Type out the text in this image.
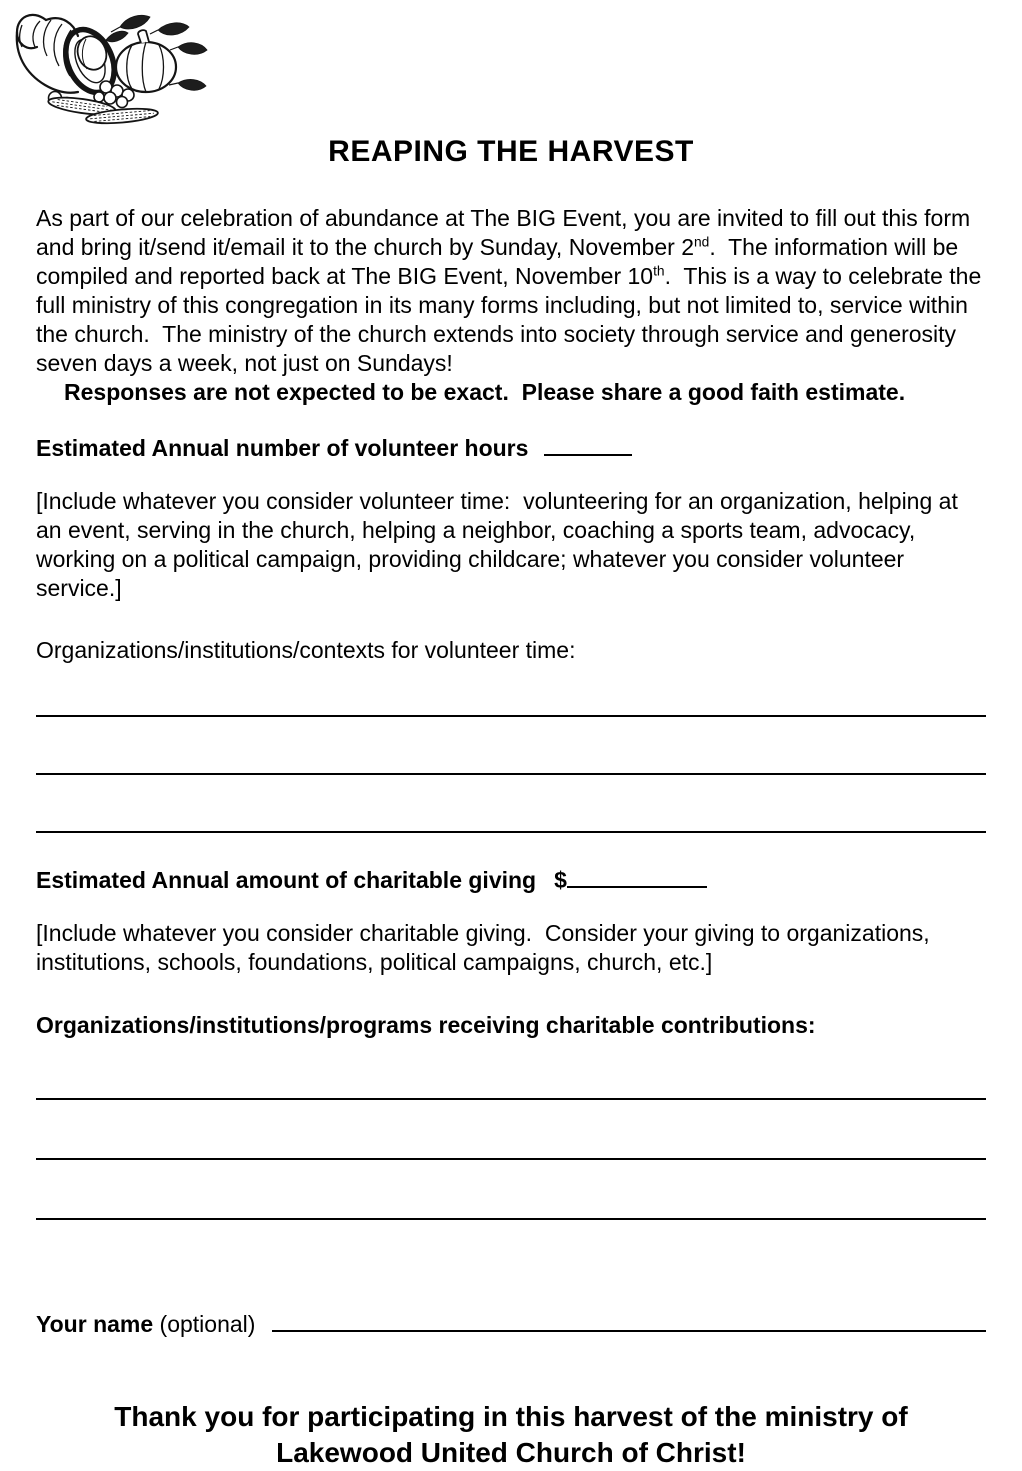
REAPING THE HARVEST

As part of our celebration of abundance at The BIG Event, you are invited to fill out this form and bring it/send it/email it to the church by Sunday, November 2nd.  The information will be compiled and reported back at The BIG Event, November 10th.  This is a way to celebrate the full ministry of this congregation in its many forms including, but not limited to, service within the church.  The ministry of the church extends into society through service and generosity seven days a week, not just on Sundays!

Responses are not expected to be exact.  Please share a good faith estimate.

Estimated Annual number of volunteer hours

[Include whatever you consider volunteer time:  volunteering for an organization, helping at an event, serving in the church, helping a neighbor, coaching a sports team, advocacy, working on a political campaign, providing childcare; whatever you consider volunteer service.]

Organizations/institutions/contexts for volunteer time:

Estimated Annual amount of charitable giving $

[Include whatever you consider charitable giving.  Consider your giving to organizations, institutions, schools, foundations, political campaigns, church, etc.]

Organizations/institutions/programs receiving charitable contributions:

Your name (optional)
Thank you for participating in this harvest of the ministry of
Lakewood United Church of Christ!
